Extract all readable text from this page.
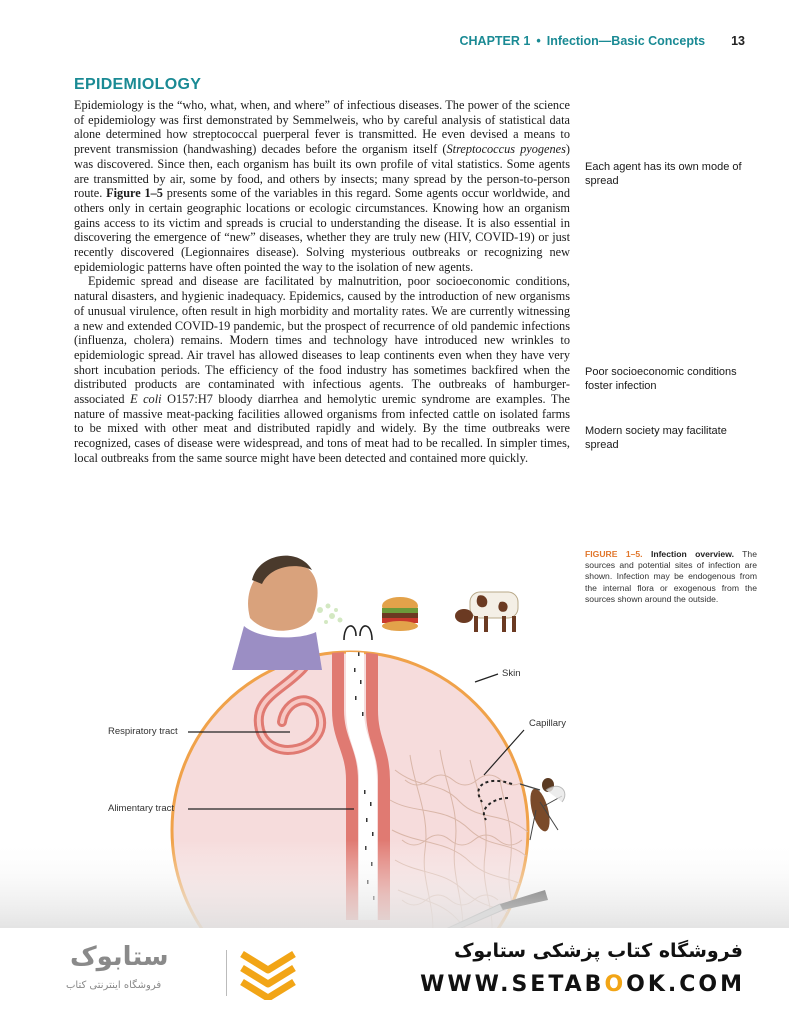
CHAPTER 1 • Infection—Basic Concepts 13
EPIDEMIOLOGY

Epidemiology is the “who, what, when, and where” of infectious diseases. The power of the science of epidemiology was first demonstrated by Semmelweis, who by careful analysis of statistical data alone determined how streptococcal puerperal fever is transmitted. He even devised a means to prevent transmission (handwashing) decades before the organism itself (Streptococcus pyogenes) was discovered. Since then, each organism has built its own profile of vital statistics. Some agents are transmitted by air, some by food, and others by insects; many spread by the person-to-person route. Figure 1–5 presents some of the variables in this regard. Some agents occur worldwide, and others only in certain geographic locations or ecologic circumstances. Knowing how an organism gains access to its victim and spreads is crucial to understanding the disease. It is also essential in discovering the emergence of “new” diseases, whether they are truly new (HIV, COVID-19) or just recently discovered (Legionnaires disease). Solving mysterious outbreaks or recognizing new epidemiologic patterns have often pointed the way to the isolation of new agents.

Epidemic spread and disease are facilitated by malnutrition, poor socioeconomic conditions, natural disasters, and hygienic inadequacy. Epidemics, caused by the introduction of new organisms of unusual virulence, often result in high morbidity and mortality rates. We are currently witnessing a new and extended COVID-19 pandemic, but the prospect of recurrence of old pandemic infections (influenza, cholera) remains. Modern times and technology have introduced new wrinkles to epidemiologic spread. Air travel has allowed diseases to leap continents even when they have very short incubation periods. The efficiency of the food industry has sometimes backfired when the distributed products are contaminated with infectious agents. The outbreaks of hamburger-associated E coli O157:H7 bloody diarrhea and hemolytic uremic syndrome are examples. The nature of massive meat-packing facilities allowed organisms from infected cattle on isolated farms to be mixed with other meat and distributed rapidly and widely. By the time outbreaks were recognized, cases of disease were widespread, and tons of meat had to be recalled. In simpler times, local outbreaks from the same source might have been detected and contained more quickly.

Each agent has its own mode of spread
Poor socioeconomic conditions foster infection
Modern society may facilitate spread
FIGURE 1–5. Infection overview. The sources and potential sites of infection are shown. Infection may be endogenous from the internal flora or exogenous from the sources shown around the outside.
Skin
Capillary
Respiratory tract
Alimentary tract
ستابوک
فروشگاه اینترنتی کتاب
فروشگاه کتاب پزشکی ستابوک
WWW.SETABOOK.COM
